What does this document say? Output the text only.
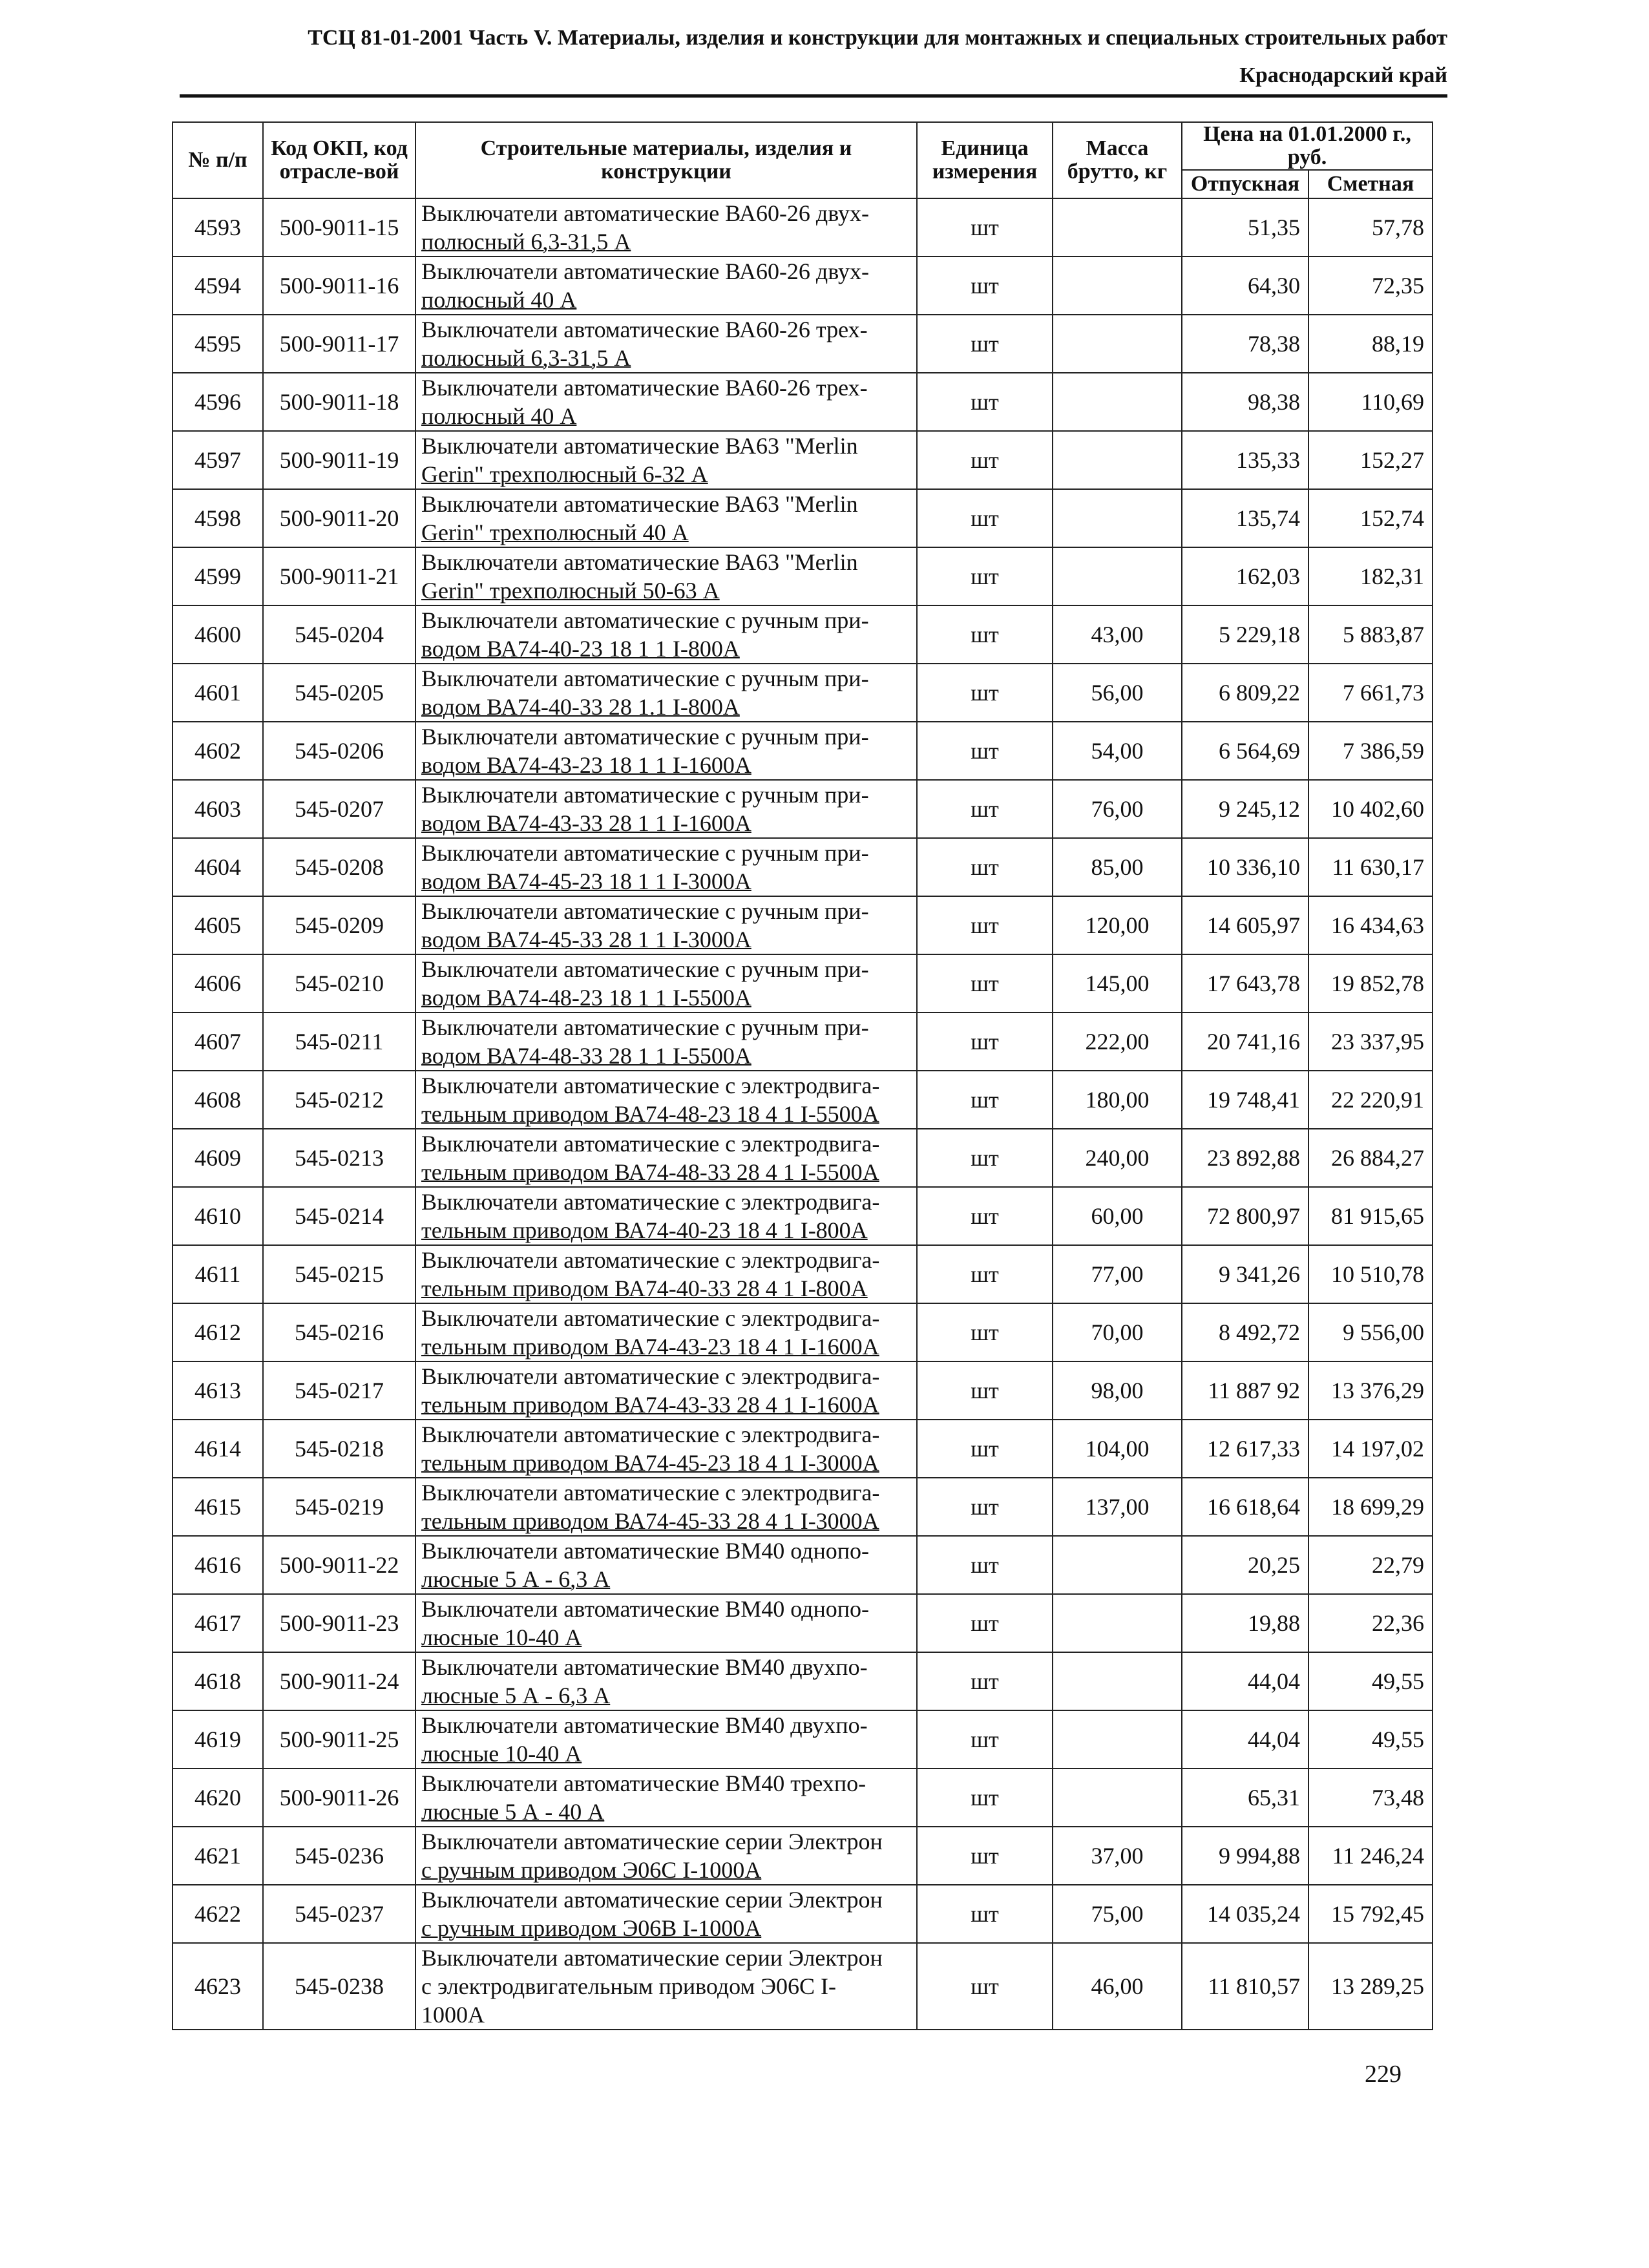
ТСЦ 81-01-2001 Часть V. Материалы, изделия и конструкции для монтажных и специальных строительных работ
Краснодарский край
№ п/п	Код ОКП, код отрасле-вой	Строительные материалы, изделия и конструкции	Единица измерения	Масса брутто, кг	Цена на 01.01.2000 г., руб.	
					Отпускная	Сметная
4593	500-9011-15	Выключатели автоматические ВА60-26 двух-
полюсный 6,3-31,5 А	шт		51,35	57,78
4594	500-9011-16	Выключатели автоматические ВА60-26 двух-
полюсный 40 А	шт		64,30	72,35
4595	500-9011-17	Выключатели автоматические ВА60-26 трех-
полюсный 6,3-31,5 А	шт		78,38	88,19
4596	500-9011-18	Выключатели автоматические ВА60-26 трех-
полюсный 40 А	шт		98,38	110,69
4597	500-9011-19	Выключатели автоматические ВА63 "Merlin
Gerin" трехполюсный 6-32 А	шт		135,33	152,27
4598	500-9011-20	Выключатели автоматические ВА63 "Merlin
Gerin" трехполюсный 40 А	шт		135,74	152,74
4599	500-9011-21	Выключатели автоматические ВА63 "Merlin
Gerin" трехполюсный 50-63 А	шт		162,03	182,31
4600	545-0204	Выключатели автоматические с ручным при-
водом ВА74-40-23 18 1 1 I-800А	шт	43,00	5 229,18	5 883,87
4601	545-0205	Выключатели автоматические с ручным при-
водом ВА74-40-33 28 1.1 I-800А	шт	56,00	6 809,22	7 661,73
4602	545-0206	Выключатели автоматические с ручным при-
водом ВА74-43-23 18 1 1 I-1600А	шт	54,00	6 564,69	7 386,59
4603	545-0207	Выключатели автоматические с ручным при-
водом ВА74-43-33 28 1 1 I-1600А	шт	76,00	9 245,12	10 402,60
4604	545-0208	Выключатели автоматические с ручным при-
водом ВА74-45-23 18 1 1 I-3000А	шт	85,00	10 336,10	11 630,17
4605	545-0209	Выключатели автоматические с ручным при-
водом ВА74-45-33 28 1 1 I-3000А	шт	120,00	14 605,97	16 434,63
4606	545-0210	Выключатели автоматические с ручным при-
водом ВА74-48-23 18 1 1 I-5500А	шт	145,00	17 643,78	19 852,78
4607	545-0211	Выключатели автоматические с ручным при-
водом ВА74-48-33 28 1 1 I-5500А	шт	222,00	20 741,16	23 337,95
4608	545-0212	Выключатели автоматические с электродвига-
тельным приводом ВА74-48-23 18 4 1 I-5500А	шт	180,00	19 748,41	22 220,91
4609	545-0213	Выключатели автоматические с электродвига-
тельным приводом ВА74-48-33 28 4 1 I-5500А	шт	240,00	23 892,88	26 884,27
4610	545-0214	Выключатели автоматические с электродвига-
тельным приводом ВА74-40-23 18 4 1 I-800А	шт	60,00	72 800,97	81 915,65
4611	545-0215	Выключатели автоматические с электродвига-
тельным приводом ВА74-40-33 28 4 1 I-800А	шт	77,00	9 341,26	10 510,78
4612	545-0216	Выключатели автоматические с электродвига-
тельным приводом ВА74-43-23 18 4 1 I-1600А	шт	70,00	8 492,72	9 556,00
4613	545-0217	Выключатели автоматические с электродвига-
тельным приводом ВА74-43-33 28 4 1 I-1600А	шт	98,00	11 887 92	13 376,29
4614	545-0218	Выключатели автоматические с электродвига-
тельным приводом ВА74-45-23 18 4 1 I-3000А	шт	104,00	12 617,33	14 197,02
4615	545-0219	Выключатели автоматические с электродвига-
тельным приводом ВА74-45-33 28 4 1 I-3000А	шт	137,00	16 618,64	18 699,29
4616	500-9011-22	Выключатели автоматические ВМ40 однопо-
люсные 5 А - 6,3 А	шт		20,25	22,79
4617	500-9011-23	Выключатели автоматические ВМ40 однопо-
люсные 10-40 А	шт		19,88	22,36
4618	500-9011-24	Выключатели автоматические ВМ40 двухпо-
люсные 5 А - 6,3 А	шт		44,04	49,55
4619	500-9011-25	Выключатели автоматические ВМ40 двухпо-
люсные 10-40 А	шт		44,04	49,55
4620	500-9011-26	Выключатели автоматические ВМ40 трехпо-
люсные 5 А - 40 А	шт		65,31	73,48
4621	545-0236	Выключатели автоматические серии Электрон
с ручным приводом Э06С I-1000А	шт	37,00	9 994,88	11 246,24
4622	545-0237	Выключатели автоматические серии Электрон
с ручным приводом Э06В I-1000А	шт	75,00	14 035,24	15 792,45
4623	545-0238	Выключатели автоматические серии Электрон
с электродвигательным приводом Э06С I-
1000А	шт	46,00	11 810,57	13 289,25
229
